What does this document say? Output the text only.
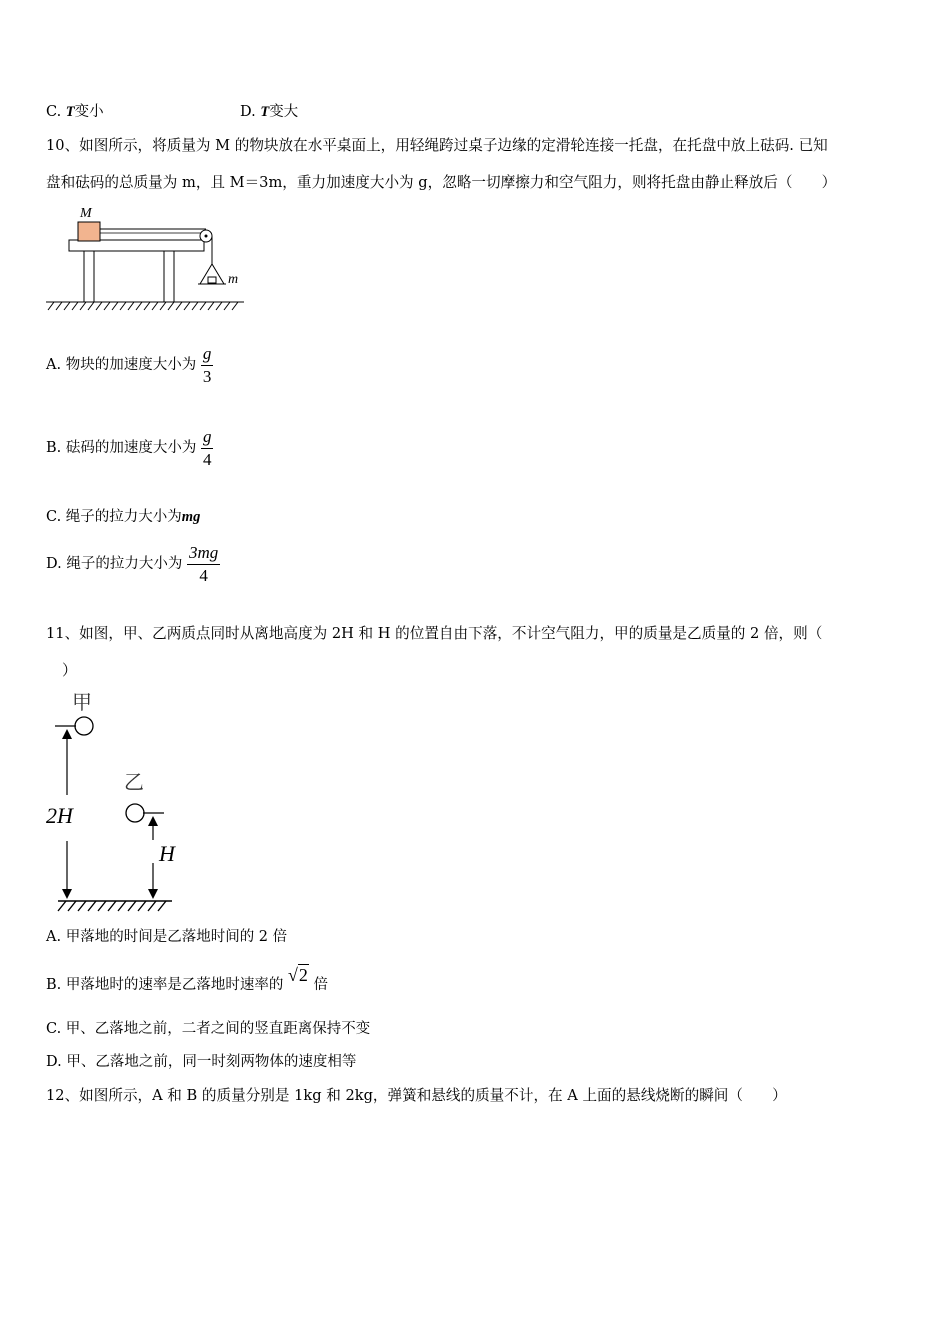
C. T变小	D. T变大
10、如图所示，将质量为 M 的物块放在水平桌面上，用轻绳跨过桌子边缘的定滑轮连接一托盘，在托盘中放上砝码. 已知
盘和砝码的总质量为 m，且 M＝3m，重力加速度大小为 g，忽略一切摩擦力和空气阻力，则将托盘由静止释放后（　　）
M
m
A. 物块的加速度大小为 $\frac{g}{3}$
B. 砝码的加速度大小为 $\frac{g}{4}$
C. 绳子的拉力大小为mg
D. 绳子的拉力大小为 $\frac{3mg}{4}$
11、如图，甲、乙两质点同时从离地高度为 2H 和 H 的位置自由下落，不计空气阻力，甲的质量是乙质量的 2 倍，则（
）
甲
2H
乙
H
A. 甲落地的时间是乙落地时间的 2 倍
B. 甲落地时的速率是乙落地时速率的 √2 倍
C. 甲、乙落地之前，二者之间的竖直距离保持不变
D. 甲、乙落地之前，同一时刻两物体的速度相等
12、如图所示，A 和 B 的质量分别是 1kg 和 2kg，弹簧和悬线的质量不计，在 A 上面的悬线烧断的瞬间（　　）
